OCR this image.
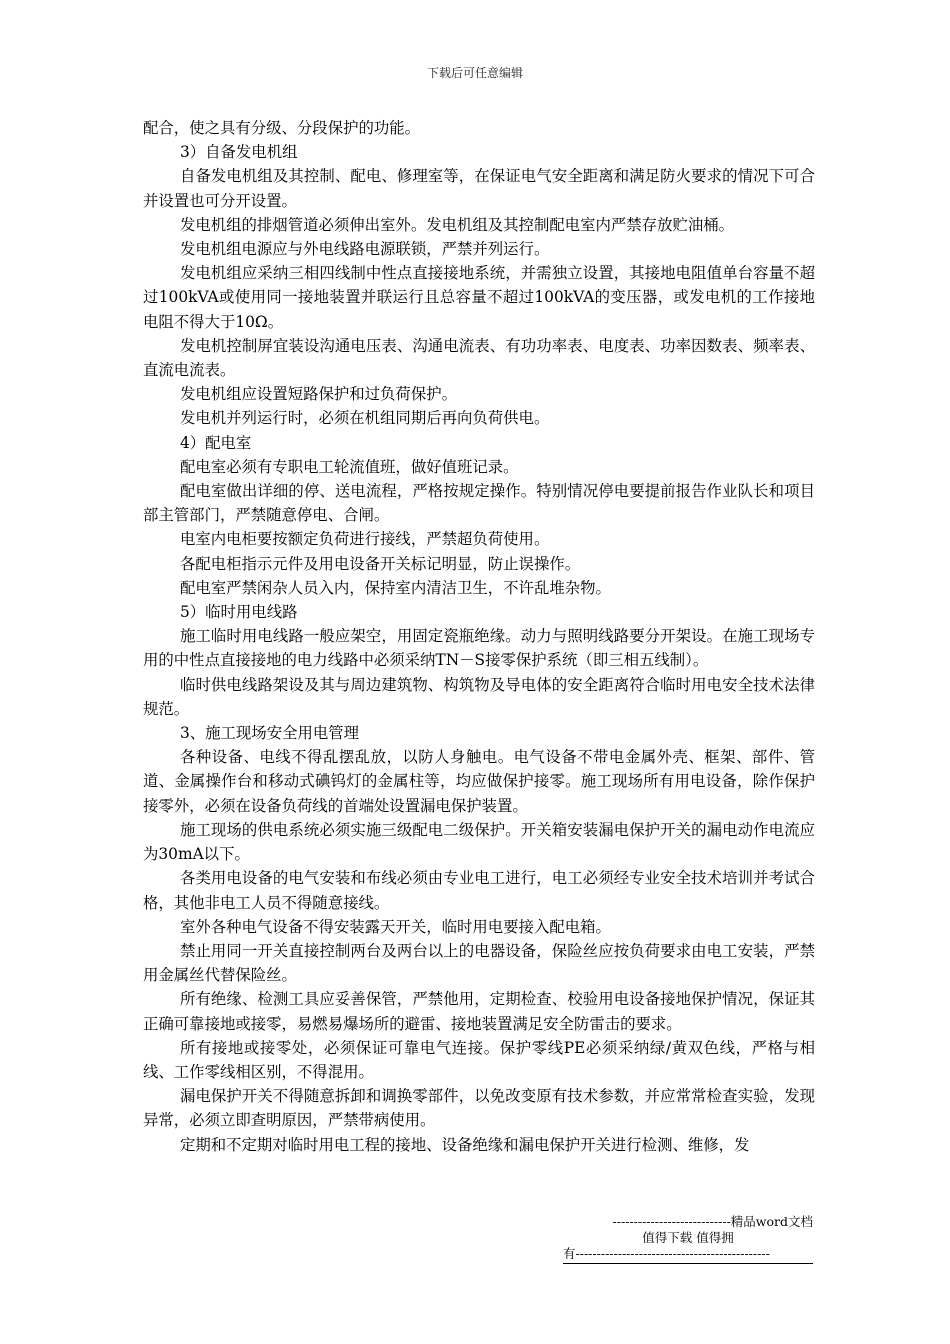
下载后可任意编辑

配合，使之具有分级、分段保护的功能。

3）自备发电机组

自备发电机组及其控制、配电、修理室等，在保证电气安全距离和满足防火要求的情况下可合并设置也可分开设置。

发电机组的排烟管道必须伸出室外。发电机组及其控制配电室内严禁存放贮油桶。

发电机组电源应与外电线路电源联锁，严禁并列运行。

发电机组应采纳三相四线制中性点直接接地系统，并需独立设置，其接地电阻值单台容量不超过100kVA或使用同一接地装置并联运行且总容量不超过100kVA的变压器，或发电机的工作接地电阻不得大于10Ω。

发电机控制屏宜装设沟通电压表、沟通电流表、有功功率表、电度表、功率因数表、频率表、直流电流表。

发电机组应设置短路保护和过负荷保护。

发电机并列运行时，必须在机组同期后再向负荷供电。

4）配电室

配电室必须有专职电工轮流值班，做好值班记录。

配电室做出详细的停、送电流程，严格按规定操作。特别情况停电要提前报告作业队长和项目部主管部门，严禁随意停电、合闸。

电室内电柜要按额定负荷进行接线，严禁超负荷使用。

各配电柜指示元件及用电设备开关标记明显，防止误操作。

配电室严禁闲杂人员入内，保持室内清洁卫生，不许乱堆杂物。

5）临时用电线路

施工临时用电线路一般应架空，用固定瓷瓶绝缘。动力与照明线路要分开架设。在施工现场专用的中性点直接接地的电力线路中必须采纳TN－S接零保护系统（即三相五线制）。

临时供电线路架设及其与周边建筑物、构筑物及导电体的安全距离符合临时用电安全技术法律规范。

3、施工现场安全用电管理

各种设备、电线不得乱摆乱放，以防人身触电。电气设备不带电金属外壳、框架、部件、管道、金属操作台和移动式碘钨灯的金属柱等，均应做保护接零。施工现场所有用电设备，除作保护接零外，必须在设备负荷线的首端处设置漏电保护装置。

施工现场的供电系统必须实施三级配电二级保护。开关箱安装漏电保护开关的漏电动作电流应为30mA以下。

各类用电设备的电气安装和布线必须由专业电工进行，电工必须经专业安全技术培训并考试合格，其他非电工人员不得随意接线。

室外各种电气设备不得安装露天开关，临时用电要接入配电箱。

禁止用同一开关直接控制两台及两台以上的电器设备，保险丝应按负荷要求由电工安装，严禁用金属丝代替保险丝。

所有绝缘、检测工具应妥善保管，严禁他用，定期检查、校验用电设备接地保护情况，保证其正确可靠接地或接零，易燃易爆场所的避雷、接地装置满足安全防雷击的要求。

所有接地或接零处，必须保证可靠电气连接。保护零线PE必须采纳绿/黄双色线，严格与相线、工作零线相区别，不得混用。

漏电保护开关不得随意拆卸和调换零部件，以免改变原有技术参数，并应常常检查实验，发现异常，必须立即查明原因，严禁带病使用。

定期和不定期对临时用电工程的接地、设备绝缘和漏电保护开关进行检测、维修，发

----------------------------精品word文档
值得下载 值得拥
有----------------------------------------------
